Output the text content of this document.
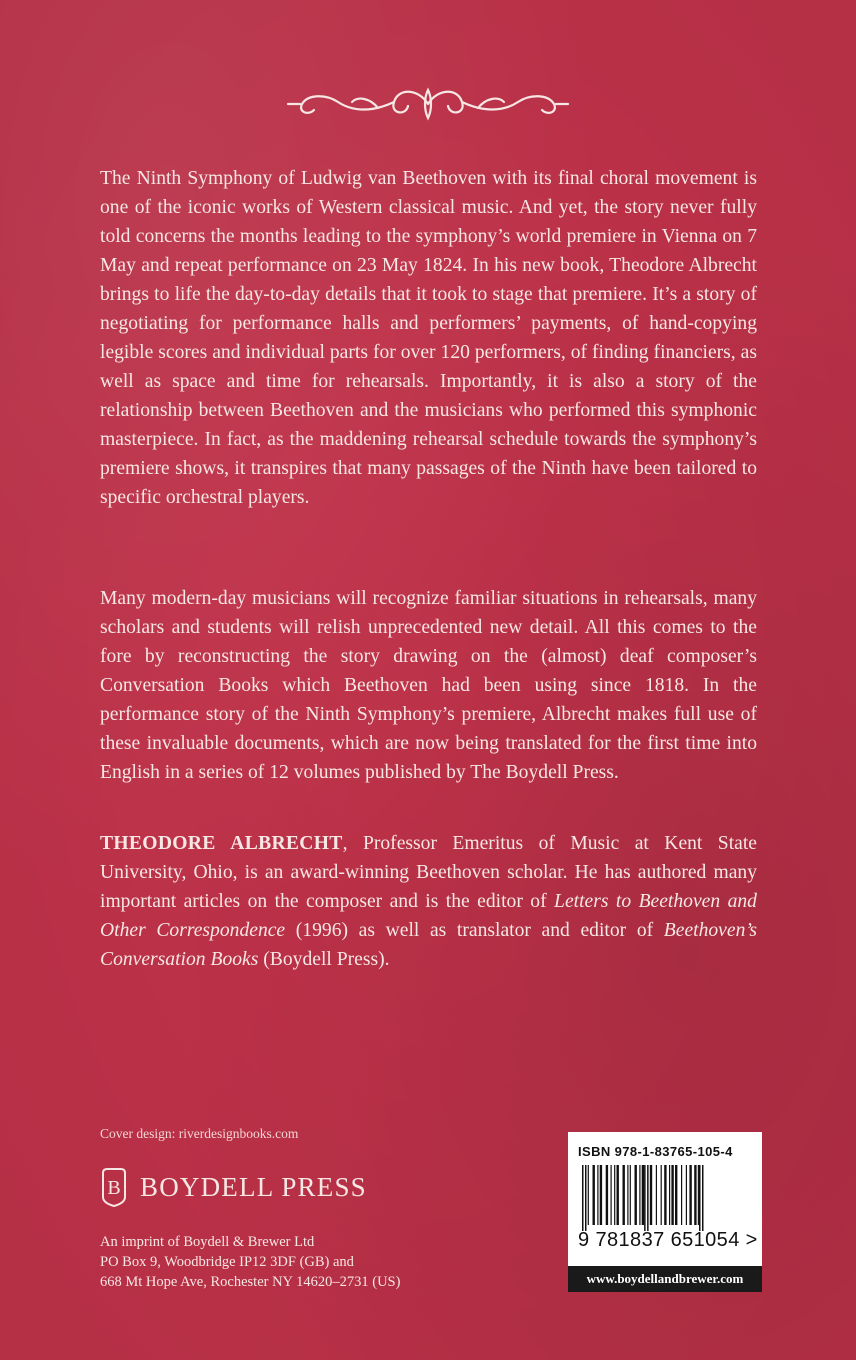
The Ninth Symphony of Ludwig van Beethoven with its final choral movement is one of the iconic works of Western classical music. And yet, the story never fully told concerns the months leading to the symphony’s world premiere in Vienna on 7 May and repeat performance on 23 May 1824. In his new book, Theodore Albrecht brings to life the day-to-day details that it took to stage that premiere. It’s a story of negotiating for performance halls and performers’ payments, of hand-copying legible scores and individual parts for over 120 performers, of finding financiers, as well as space and time for rehearsals. Importantly, it is also a story of the relationship between Beethoven and the musicians who performed this symphonic masterpiece. In fact, as the maddening rehearsal schedule towards the symphony’s premiere shows, it transpires that many passages of the Ninth have been tailored to specific orchestral players.

Many modern-day musicians will recognize familiar situations in rehearsals, many scholars and students will relish unprecedented new detail. All this comes to the fore by reconstructing the story drawing on the (almost) deaf composer’s Conversation Books which Beethoven had been using since 1818. In the performance story of the Ninth Symphony’s premiere, Albrecht makes full use of these invaluable documents, which are now being translated for the first time into English in a series of 12 volumes published by The Boydell Press.

THEODORE ALBRECHT, Professor Emeritus of Music at Kent State University, Ohio, is an award-winning Beethoven scholar. He has authored many important articles on the composer and is the editor of Letters to Beethoven and Other Correspondence (1996) as well as translator and editor of Beethoven’s Conversation Books (Boydell Press).

Cover design: riverdesignbooks.com
B BOYDELL PRESS
An imprint of Boydell & Brewer Ltd
PO Box 9, Woodbridge IP12 3DF (GB) and
668 Mt Hope Ave, Rochester NY 14620–2731 (US)
ISBN 978-1-83765-105-4
9 781837 651054 >
www.boydellandbrewer.com
